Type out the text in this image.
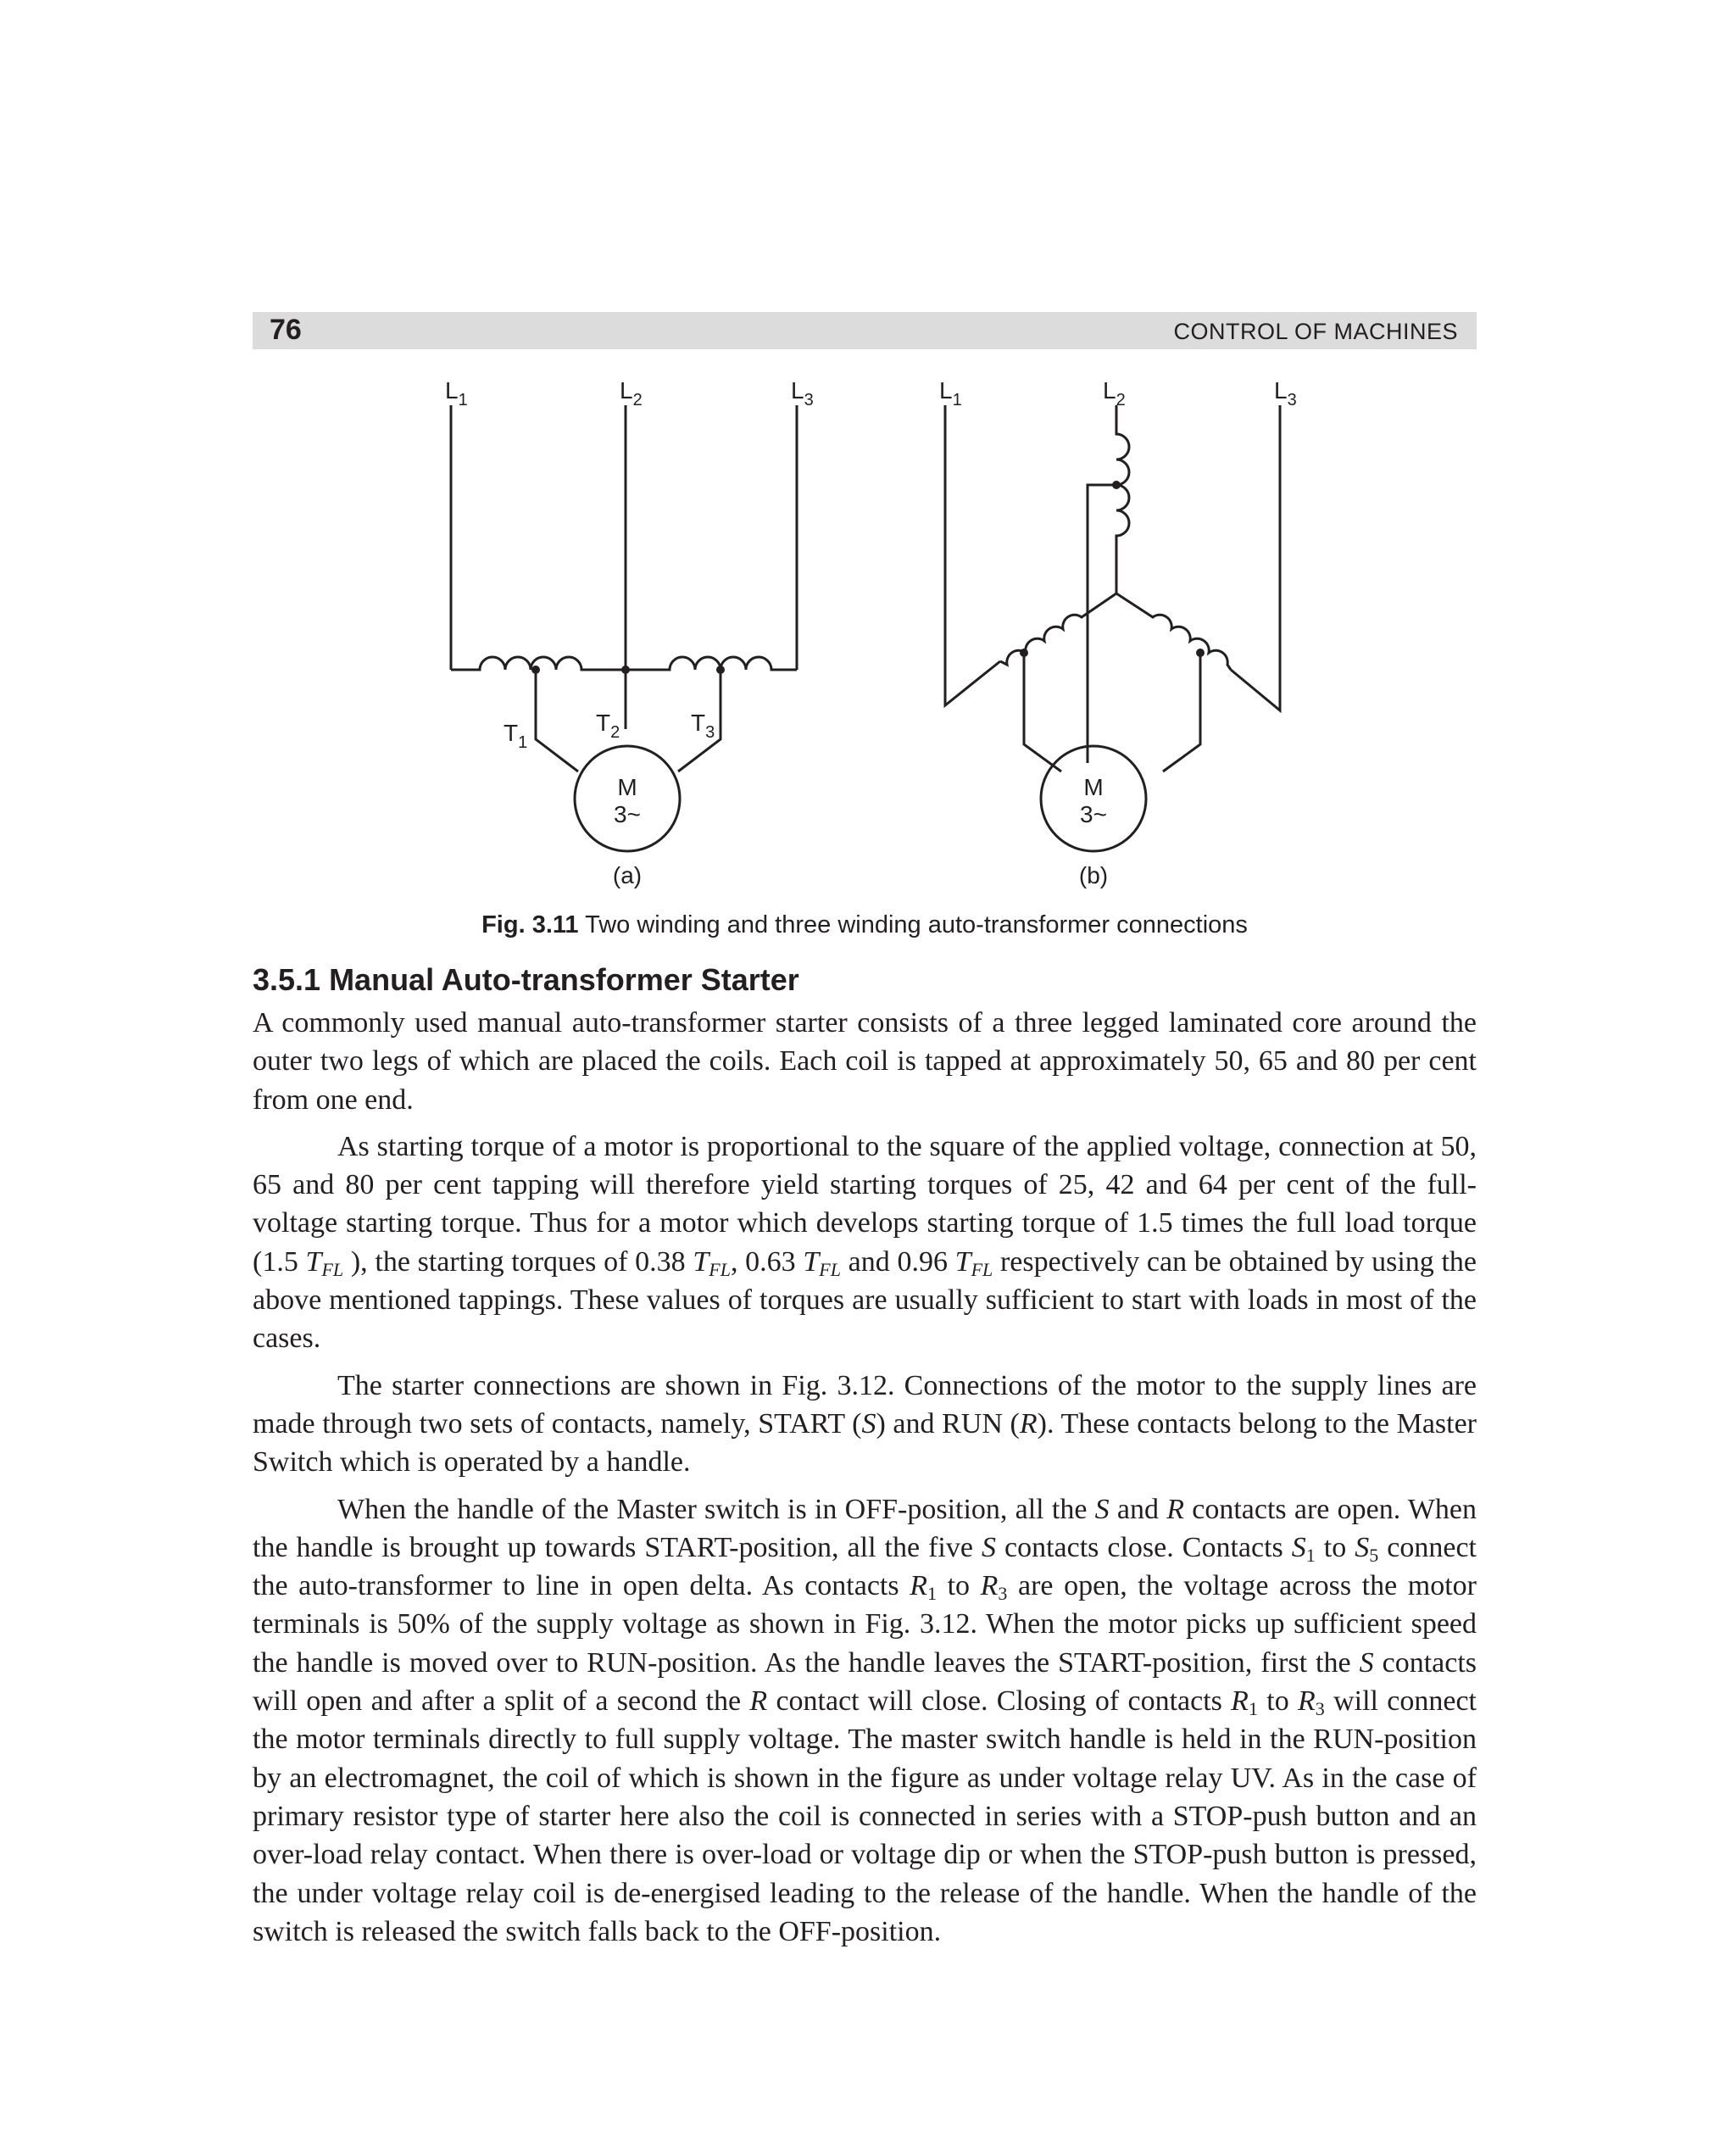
76	CONTROL OF MACHINES
$L_1$	$L_2$	$L_3$	$L_1$	$L_2$	$L_3$
$T_1$
$T_2$	$T_3$
M
3~
M
3~
(a)	(b)
Fig. 3.11 Two winding and three winding auto-transformer connections
3.5.1 Manual Auto-transformer Starter

A commonly used manual auto-transformer starter consists of a three legged laminated core around the outer two legs of which are placed the coils. Each coil is tapped at approximately 50, 65 and 80 per cent from one end.

As starting torque of a motor is proportional to the square of the applied voltage, connection at 50, 65 and 80 per cent tapping will therefore yield starting torques of 25, 42 and 64 per cent of the full-voltage starting torque. Thus for a motor which develops starting torque of 1.5 times the full load torque (1.5 $T_{FL}$ ), the starting torques of 0.38 $T_{FL}$, 0.63 $T_{FL}$ and 0.96 $T_{FL}$ respectively can be obtained by using the above mentioned tappings. These values of torques are usually sufficient to start with loads in most of the cases.

The starter connections are shown in Fig. 3.12. Connections of the motor to the supply lines are made through two sets of contacts, namely, START (S) and RUN (R). These contacts belong to the Master Switch which is operated by a handle.

When the handle of the Master switch is in OFF-position, all the S and R contacts are open. When the handle is brought up towards START-position, all the five S contacts close. Contacts $S_1$ to $S_5$ connect the auto-transformer to line in open delta. As contacts $R_1$ to $R_3$ are open, the voltage across the motor terminals is 50% of the supply voltage as shown in Fig. 3.12. When the motor picks up sufficient speed the handle is moved over to RUN-position. As the handle leaves the START-position, first the S contacts will open and after a split of a second the R contact will close. Closing of contacts $R_1$ to $R_3$ will connect the motor terminals directly to full supply voltage. The master switch handle is held in the RUN-position by an electromagnet, the coil of which is shown in the figure as under voltage relay UV. As in the case of primary resistor type of starter here also the coil is connected in series with a STOP-push button and an over-load relay contact. When there is over-load or voltage dip or when the STOP-push button is pressed, the under voltage relay coil is de-energised leading to the release of the handle. When the handle of the switch is released the switch falls back to the OFF-position.
